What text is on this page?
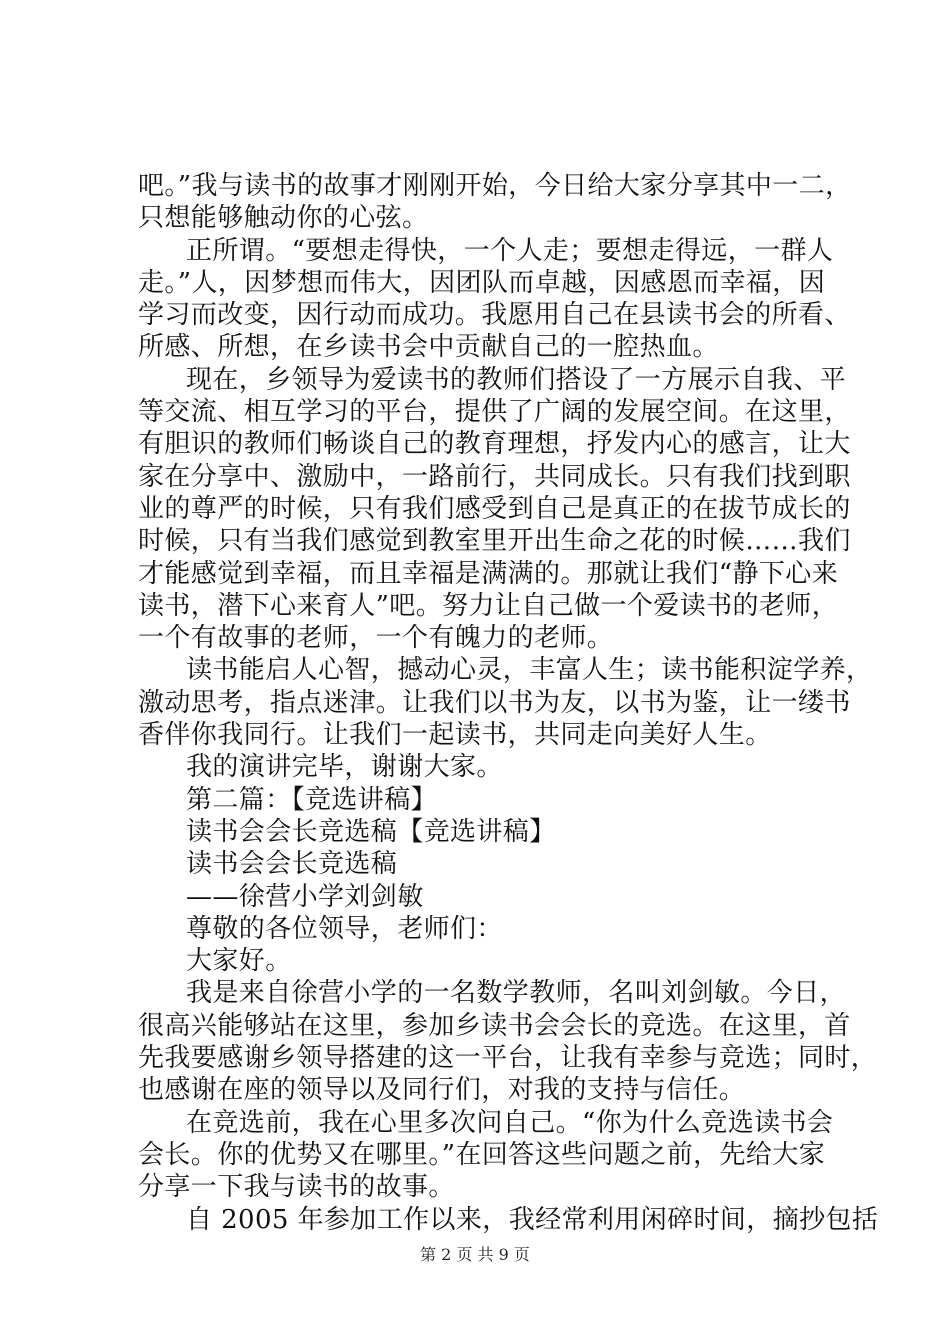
吧。”我与读书的故事才刚刚开始，今日给大家分享其中一二，
只想能够触动你的心弦。
正所谓。“要想走得快，一个人走；要想走得远，一群人
走。”人，因梦想而伟大，因团队而卓越，因感恩而幸福，因
学习而改变，因行动而成功。我愿用自己在县读书会的所看、
所感、所想，在乡读书会中贡献自己的一腔热血。
现在，乡领导为爱读书的教师们搭设了一方展示自我、平
等交流、相互学习的平台，提供了广阔的发展空间。在这里，
有胆识的教师们畅谈自己的教育理想，抒发内心的感言，让大
家在分享中、激励中，一路前行，共同成长。只有我们找到职
业的尊严的时候，只有我们感受到自己是真正的在拔节成长的
时候，只有当我们感觉到教室里开出生命之花的时候……我们
才能感觉到幸福，而且幸福是满满的。那就让我们“静下心来
读书，潜下心来育人”吧。努力让自己做一个爱读书的老师，
一个有故事的老师，一个有魄力的老师。
读书能启人心智，撼动心灵，丰富人生；读书能积淀学养，
激动思考，指点迷津。让我们以书为友，以书为鉴，让一缕书
香伴你我同行。让我们一起读书，共同走向美好人生。
我的演讲完毕，谢谢大家。
第二篇：【竞选讲稿】
读书会会长竞选稿【竞选讲稿】
读书会会长竞选稿
——徐营小学刘剑敏
尊敬的各位领导，老师们：
大家好。
我是来自徐营小学的一名数学教师，名叫刘剑敏。今日，
很高兴能够站在这里，参加乡读书会会长的竞选。在这里，首
先我要感谢乡领导搭建的这一平台，让我有幸参与竞选；同时，
也感谢在座的领导以及同行们，对我的支持与信任。
在竞选前，我在心里多次问自己。“你为什么竞选读书会
会长。你的优势又在哪里。”在回答这些问题之前，先给大家
分享一下我与读书的故事。
自 2005 年参加工作以来，我经常利用闲碎时间，摘抄包括
第 2 页 共 9 页
